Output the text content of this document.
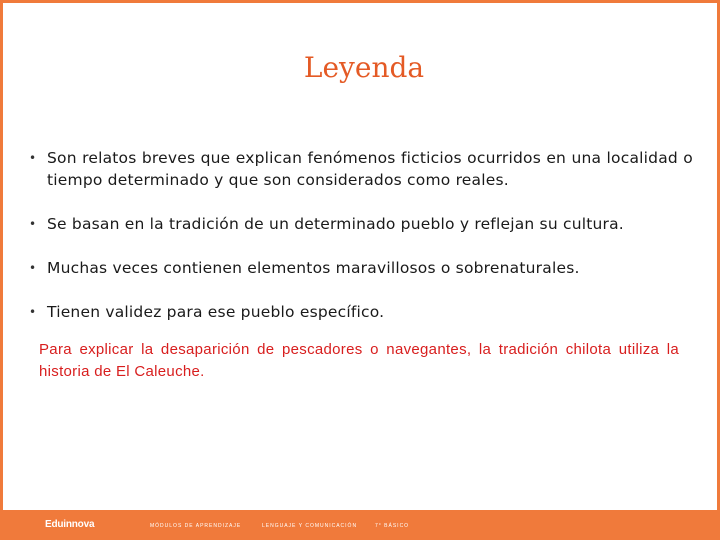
Leyenda
• Son relatos breves que explican fenómenos ficticios ocurridos en una localidad o tiempo determinado y que son considerados como reales.
• Se basan en la tradición de un determinado pueblo y reflejan su cultura.
• Muchas veces contienen elementos maravillosos o sobrenaturales.
• Tienen validez para ese pueblo específico.

Para explicar la desaparición de pescadores o navegantes, la tradición chilota utiliza la historia de El Caleuche.

Eduinnova	MÓDULOS DE APRENDIZAJE	LENGUAJE Y COMUNICACIÓN	7° BÁSICO
